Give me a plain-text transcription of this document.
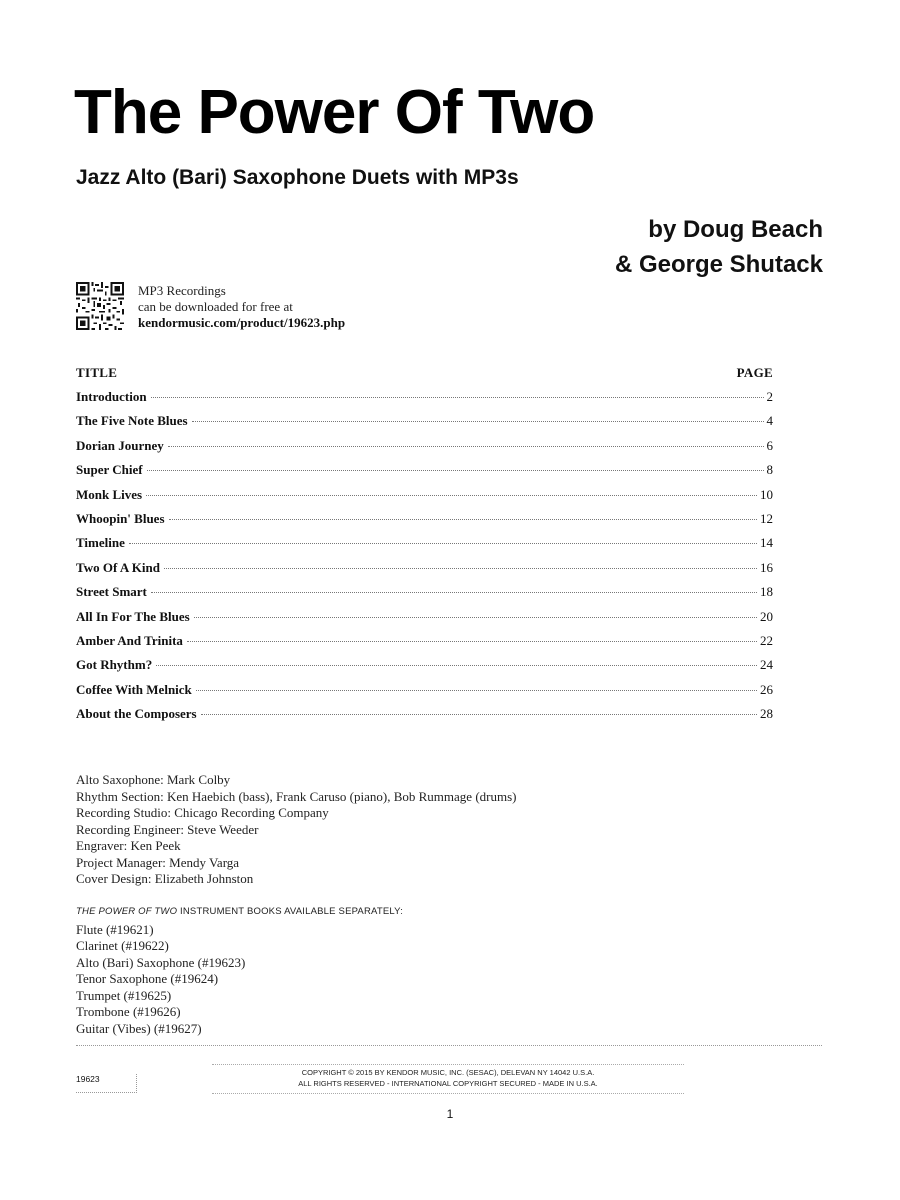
The Power Of Two
Jazz Alto (Bari) Saxophone Duets with MP3s
by Doug Beach
& George Shutack
MP3 Recordings
can be downloaded for free at
kendormusic.com/product/19623.php
TITLE	PAGE
Introduction	2
The Five Note Blues	4
Dorian Journey	6
Super Chief	8
Monk Lives	10
Whoopin' Blues	12
Timeline	14
Two Of A Kind	16
Street Smart	18
All In For The Blues	20
Amber And Trinita	22
Got Rhythm?	24
Coffee With Melnick	26
About the Composers	28
Alto Saxophone: Mark Colby
Rhythm Section: Ken Haebich (bass), Frank Caruso (piano), Bob Rummage (drums)
Recording Studio: Chicago Recording Company
Recording Engineer: Steve Weeder
Engraver: Ken Peek
Project Manager: Mendy Varga
Cover Design: Elizabeth Johnston
THE POWER OF TWO INSTRUMENT BOOKS AVAILABLE SEPARATELY:
Flute (#19621)
Clarinet (#19622)
Alto (Bari) Saxophone (#19623)
Tenor Saxophone (#19624)
Trumpet (#19625)
Trombone (#19626)
Guitar (Vibes) (#19627)
19623
COPYRIGHT © 2015 BY KENDOR MUSIC, INC. (SESAC), DELEVAN NY 14042 U.S.A.
ALL RIGHTS RESERVED - INTERNATIONAL COPYRIGHT SECURED - MADE IN U.S.A.
1
